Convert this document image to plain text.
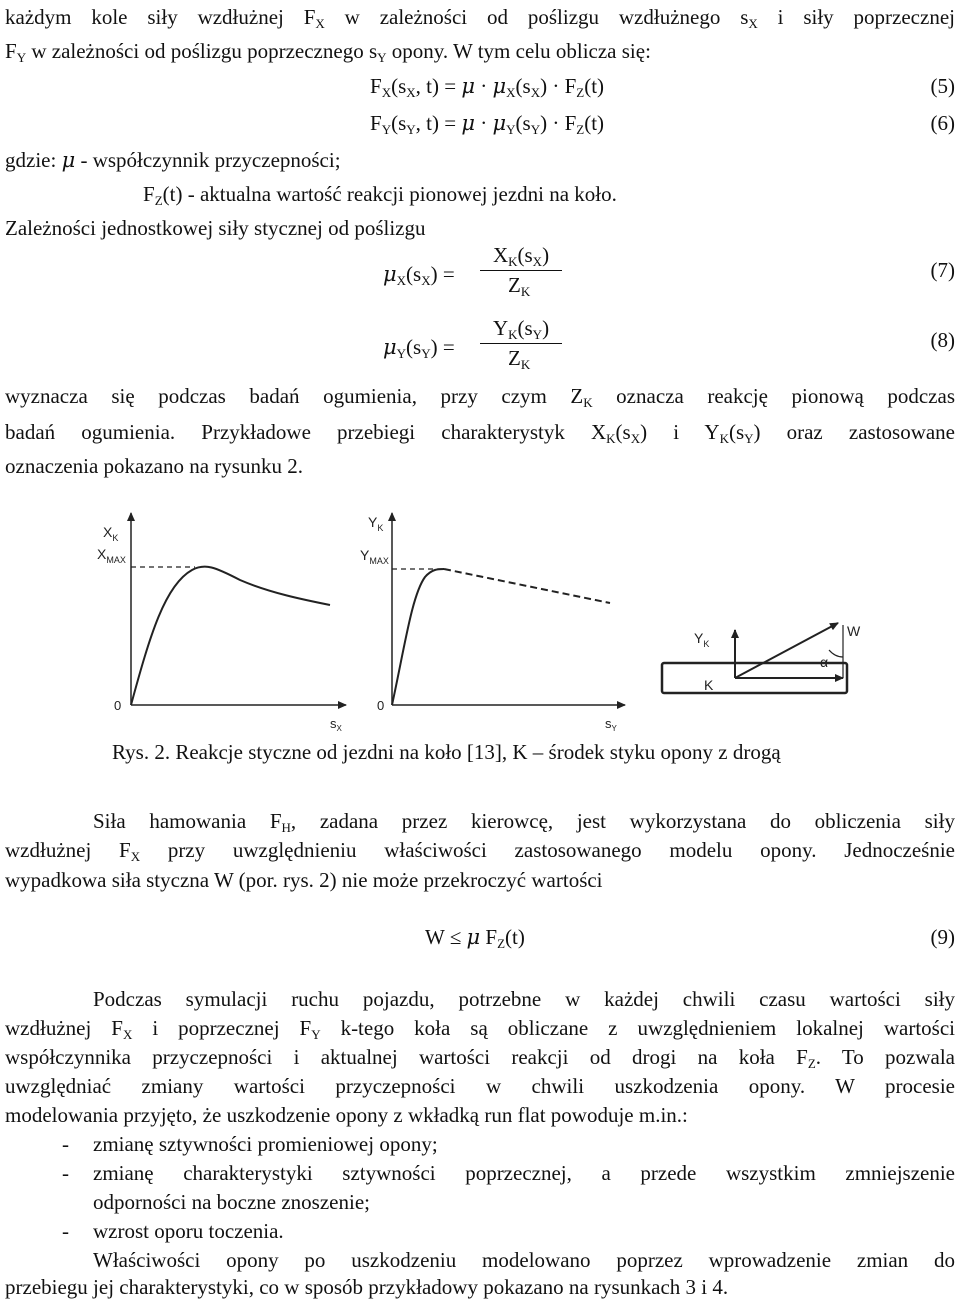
każdym kole siły wzdłużnej $F_X$ w zależności od poślizgu wzdłużnego $s_X$ i siły poprzecznej
$F_Y$ w zależności od poślizgu poprzecznego $s_Y$ opony. W tym celu oblicza się:
$F_X(s_X$, $t) = \mu \cdot \mu_X(s_X) \cdot F_Z(t)$	(5)
$F_Y(s_Y$, $t) = \mu \cdot \mu_Y(s_Y) \cdot F_Z(t)$	(6)
gdzie: μ - współczynnik przyczepności;
$F_Z(t)$ - aktualna wartość reakcji pionowej jezdni na koło.
Zależności jednostkowej siły stycznej od poślizgu
$\mu_X(s_X)$ =
$X_K(s_X)$
$Z_K$
(7)
$\mu_Y(s_Y)$ =
$Y_K(s_Y)$
$Z_K$
(8)
wyznacza się podczas badań ogumienia, przy czym $Z_K$ oznacza reakcję pionową podczas
badań ogumienia. Przykładowe przebiegi charakterystyk $X_K(s_X)$ i $Y_K(s_Y)$ oraz zastosowane
oznaczenia pokazano na rysunku 2.
$X_K$
$X_{MAX}$
0
$s_X$
$Y_K$
$Y_{MAX}$
0
$s_Y$
$Y_K$
W
α
K
Rys. 2. Reakcje styczne od jezdni na koło [13], K – środek styku opony z drogą
Siła hamowania $F_H$, zadana przez kierowcę, jest wykorzystana do obliczenia siły
wzdłużnej $F_X$ przy uwzględnieniu właściwości zastosowanego modelu opony. Jednocześnie
wypadkowa siła styczna W (por. rys. 2) nie może przekroczyć wartości
W ≤ μ $F_Z(t)$	(9)
Podczas symulacji ruchu pojazdu, potrzebne w każdej chwili czasu wartości siły
wzdłużnej $F_X$ i poprzecznej $F_Y$ k-tego koła są obliczane z uwzględnieniem lokalnej wartości
współczynnika przyczepności i aktualnej wartości reakcji od drogi na koła $F_Z$. To pozwala
uwzględniać zmiany wartości przyczepności w chwili uszkodzenia opony. W procesie
modelowania przyjęto, że uszkodzenie opony z wkładką run flat powoduje m.in.:
- zmianę sztywności promieniowej opony;
- zmianę charakterystyki sztywności poprzecznej, a przede wszystkim zmniejszenie
odporności na boczne znoszenie;
- wzrost oporu toczenia.
Właściwości opony po uszkodzeniu modelowano poprzez wprowadzenie zmian do
przebiegu jej charakterystyki, co w sposób przykładowy pokazano na rysunkach 3 i 4.
